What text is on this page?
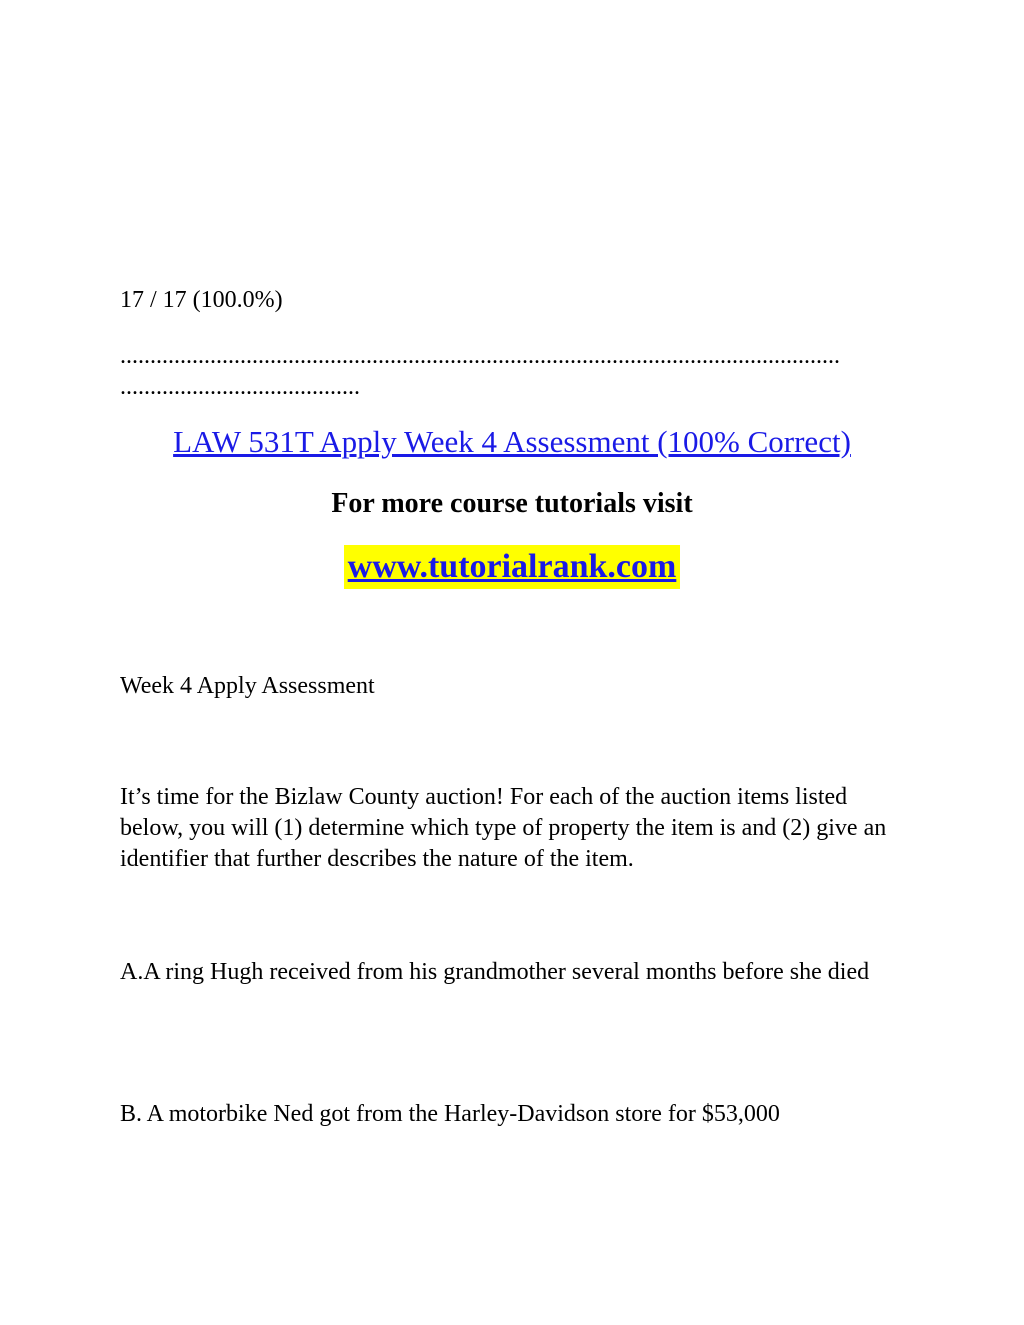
17 / 17 (100.0%)
........................................................................................................................
........................................
LAW 531T Apply Week 4 Assessment (100% Correct)
For more course tutorials visit
www.tutorialrank.com
Week 4 Apply Assessment
It’s time for the Bizlaw County auction! For each of the auction items listed below, you will (1) determine which type of property the item is and (2) give an identifier that further describes the nature of the item.
A.A ring Hugh received from his grandmother several months before she died
B. A motorbike Ned got from the Harley-Davidson store for $53,000
